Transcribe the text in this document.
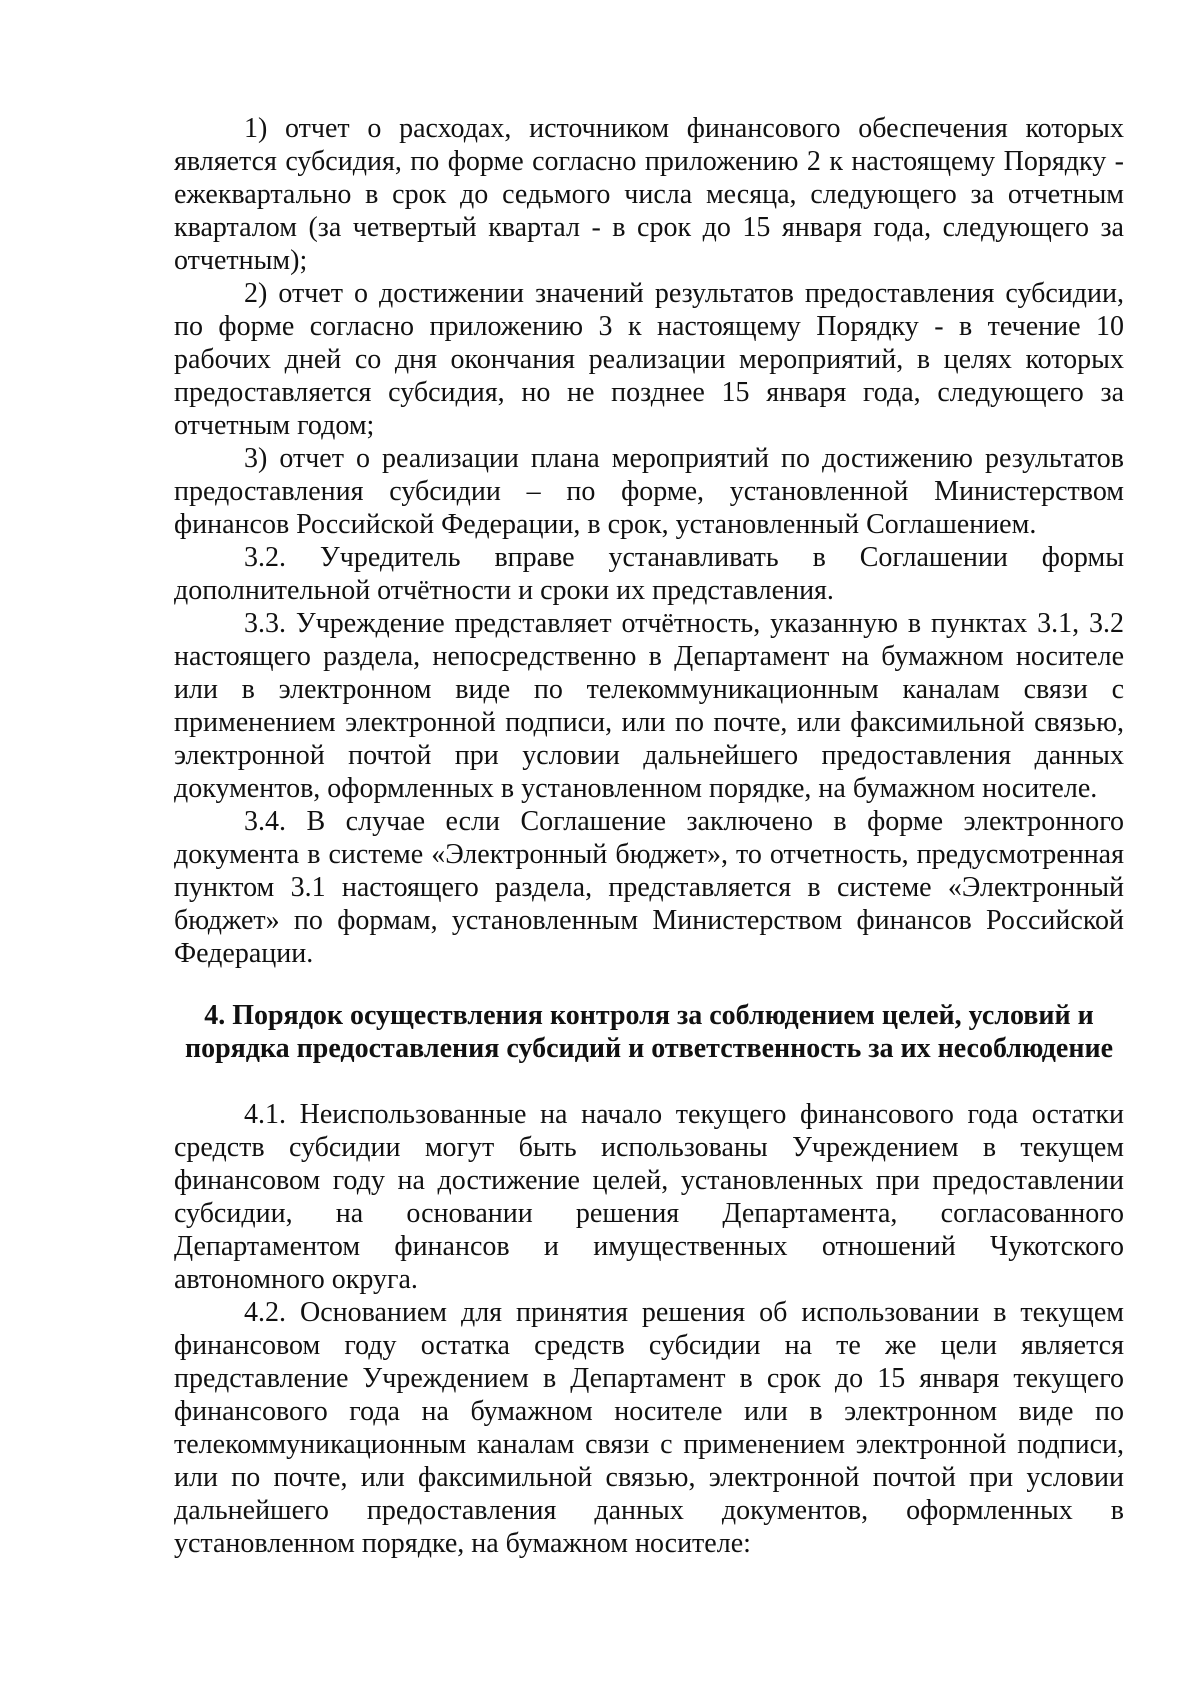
1) отчет о расходах, источником финансового обеспечения которых является субсидия, по форме согласно приложению 2 к настоящему Порядку - ежеквартально в срок до седьмого числа месяца, следующего за отчетным кварталом (за четвертый квартал - в срок до 15 января года, следующего за отчетным);

2) отчет о достижении значений результатов предоставления субсидии, по форме согласно приложению 3 к настоящему Порядку - в течение 10 рабочих дней со дня окончания реализации мероприятий, в целях которых предоставляется субсидия, но не позднее 15 января года, следующего за отчетным годом;

3) отчет о реализации плана мероприятий по достижению результатов предоставления субсидии – по форме, установленной Министерством финансов Российской Федерации, в срок, установленный Соглашением.

3.2. Учредитель вправе устанавливать в Соглашении формы дополнительной отчётности и сроки их представления.

3.3. Учреждение представляет отчётность, указанную в пунктах 3.1, 3.2 настоящего раздела, непосредственно в Департамент на бумажном носителе или в электронном виде по телекоммуникационным каналам связи с применением электронной подписи, или по почте, или факсимильной связью, электронной почтой при условии дальнейшего предоставления данных документов, оформленных в установленном порядке, на бумажном носителе.

3.4. В случае если Соглашение заключено в форме электронного документа в системе «Электронный бюджет», то отчетность, предусмотренная пунктом 3.1 настоящего раздела, представляется в системе «Электронный бюджет» по формам, установленным Министерством финансов Российской Федерации.

4. Порядок осуществления контроля за соблюдением целей, условий и
порядка предоставления субсидий и ответственность за их несоблюдение

4.1. Неиспользованные на начало текущего финансового года остатки средств субсидии могут быть использованы Учреждением в текущем финансовом году на достижение целей, установленных при предоставлении субсидии, на основании решения Департамента, согласованного Департаментом финансов и имущественных отношений Чукотского автономного округа.

4.2. Основанием для принятия решения об использовании в текущем финансовом году остатка средств субсидии на те же цели является представление Учреждением в Департамент в срок до 15 января текущего финансового года на бумажном носителе или в электронном виде по телекоммуникационным каналам связи с применением электронной подписи, или по почте, или факсимильной связью, электронной почтой при условии дальнейшего предоставления данных документов, оформленных в установленном порядке, на бумажном носителе:
